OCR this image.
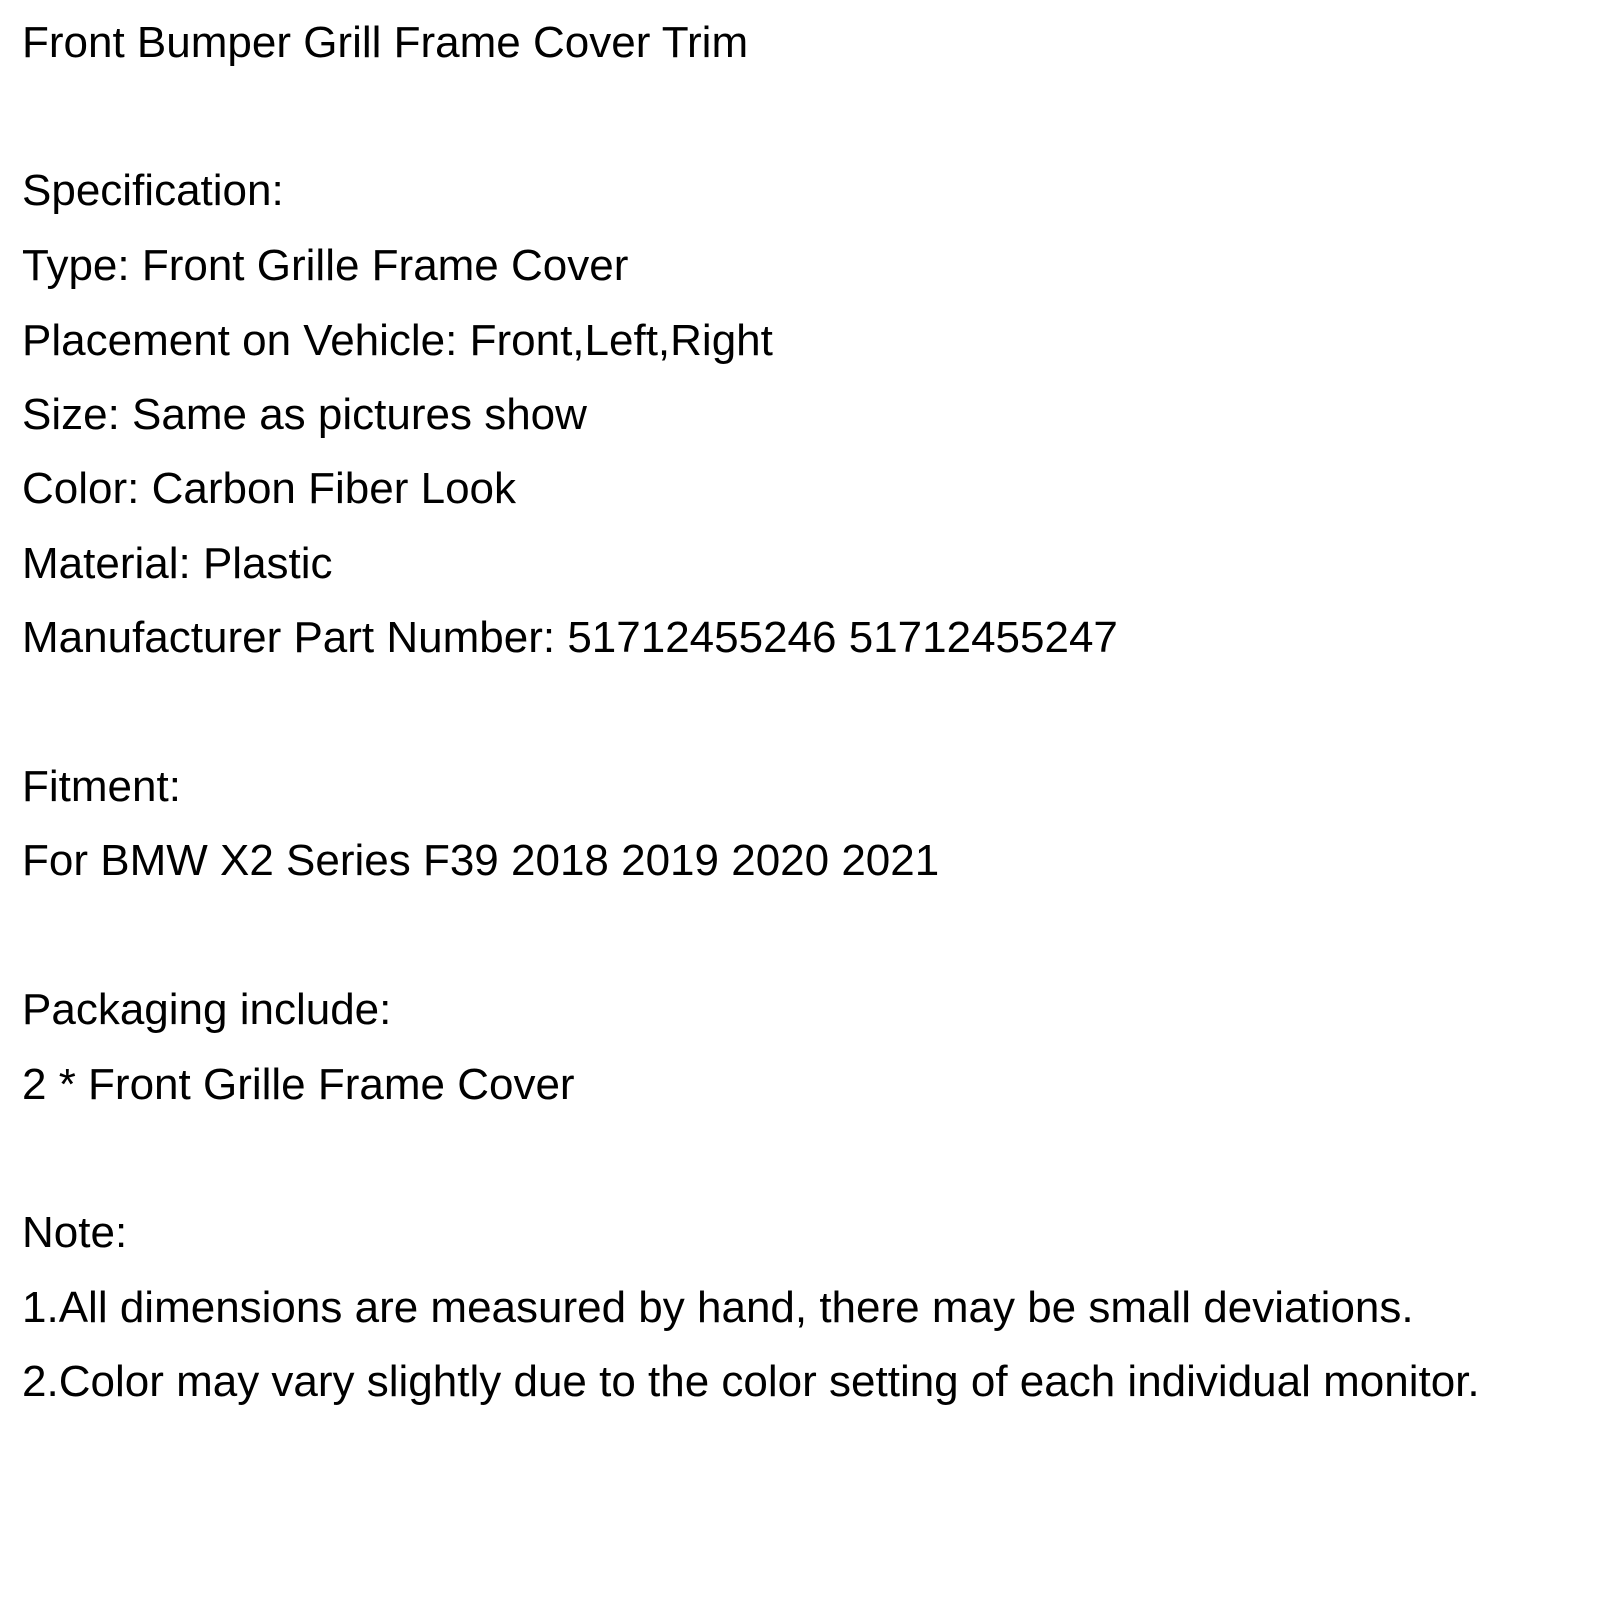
Front Bumper Grill Frame Cover Trim

Specification:

Type: Front Grille Frame Cover

Placement on Vehicle: Front,Left,Right

Size: Same as pictures show

Color: Carbon Fiber Look

Material: Plastic

Manufacturer Part Number: 51712455246 51712455247

Fitment:

For BMW X2 Series F39 2018 2019 2020 2021

Packaging include:

2 * Front Grille Frame Cover

Note:

1.All dimensions are measured by hand, there may be small deviations.

2.Color may vary slightly due to the color setting of each individual monitor.
